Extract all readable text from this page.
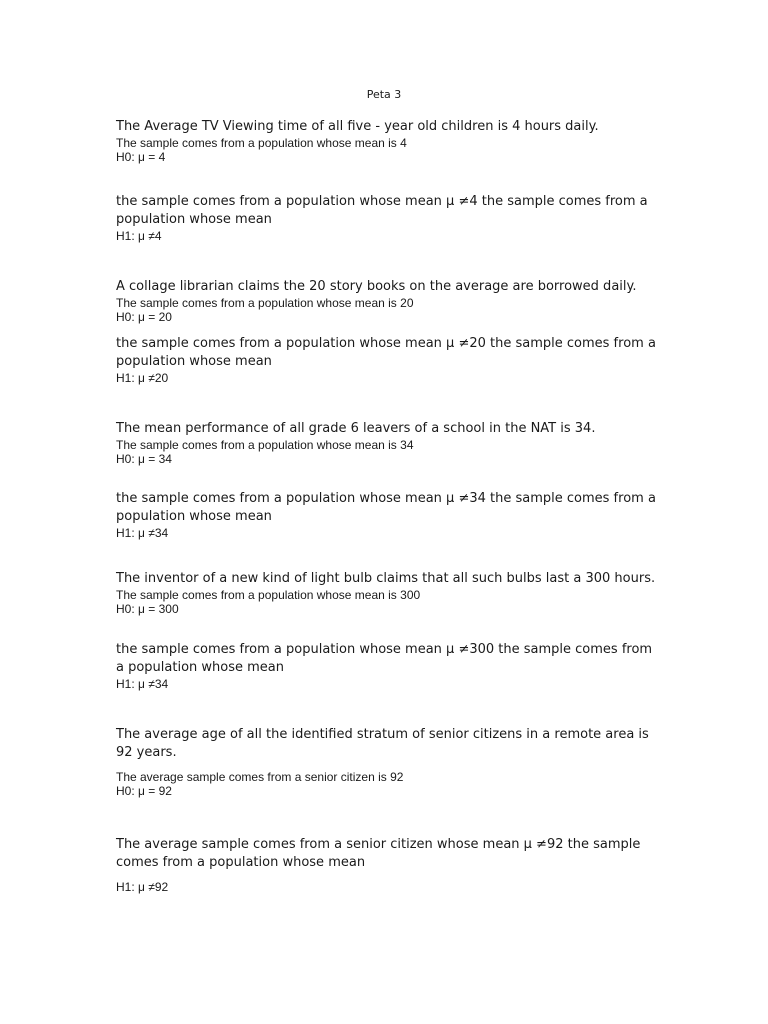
Peta 3

The Average TV Viewing time of all five - year old children is 4 hours daily.

The sample comes from a population whose mean is 4

H0: μ = 4

the sample comes from a population whose mean μ ≠4 the sample comes from a population whose mean

H1: μ ≠4

A collage librarian claims the 20 story books on the average are borrowed daily.

The sample comes from a population whose mean is 20

H0: μ = 20

the sample comes from a population whose mean μ ≠20 the sample comes from a population whose mean

H1: μ ≠20

The mean performance of all grade 6 leavers of a school in the NAT is 34.

The sample comes from a population whose mean is 34

H0: μ = 34

the sample comes from a population whose mean μ ≠34 the sample comes from a population whose mean

H1: μ ≠34

The inventor of a new kind of light bulb claims that all such bulbs last a 300 hours.

The sample comes from a population whose mean is 300

H0: μ = 300

the sample comes from a population whose mean μ ≠300 the sample comes from a population whose mean

H1: μ ≠34

The average age of all the identified stratum of senior citizens in a remote area is 92 years.

The average sample comes from a senior citizen is 92

H0: μ = 92

The average sample comes from a senior citizen whose mean μ ≠92 the sample comes from a population whose mean

H1: μ ≠92
